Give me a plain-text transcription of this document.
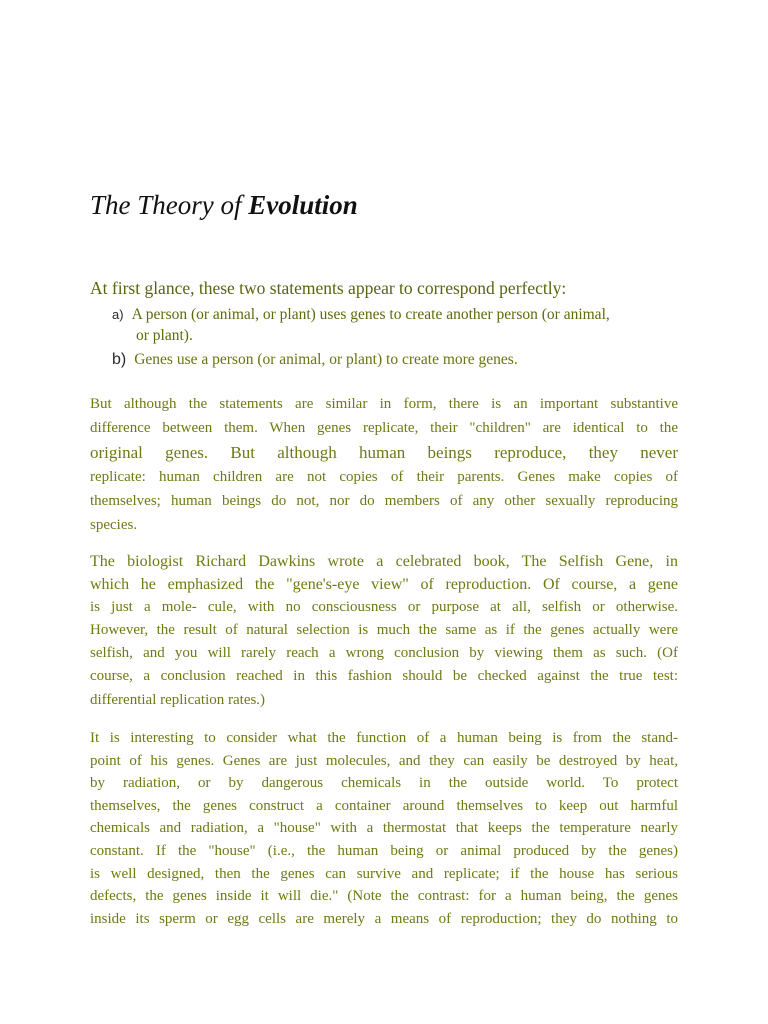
The Theory of Evolution
At first glance, these two statements appear to correspond perfectly:
a) A person (or animal, or plant) uses genes to create another person (or animal,
or plant).
b) Genes use a person (or animal, or plant) to create more genes.
But although the statements are similar in form, there is an important substantive
difference between them. When genes replicate, their "children" are identical to the
original genes. But although human beings reproduce, they never
replicate: human children are not copies of their parents. Genes make copies of
themselves; human beings do not, nor do members of any other sexually reproducing
species.
The biologist Richard Dawkins wrote a celebrated book, The Selfish Gene, in
which he emphasized the "gene's-eye view" of reproduction. Of course, a gene
is just a mole- cule, with no consciousness or purpose at all, selfish or otherwise.
However, the result of natural selection is much the same as if the genes actually were
selfish, and you will rarely reach a wrong conclusion by viewing them as such. (Of
course, a conclusion reached in this fashion should be checked against the true test:
differential replication rates.)
It is interesting to consider what the function of a human being is from the stand-
point of his genes. Genes are just molecules, and they can easily be destroyed by heat,
by radiation, or by dangerous chemicals in the outside world. To protect
themselves, the genes construct a container around themselves to keep out harmful
chemicals and radiation, a "house" with a thermostat that keeps the temperature nearly
constant. If the "house" (i.e., the human being or animal produced by the genes)
is well designed, then the genes can survive and replicate; if the house has serious
defects, the genes inside it will die." (Note the contrast: for a human being, the genes
inside its sperm or egg cells are merely a means of reproduction; they do nothing to
